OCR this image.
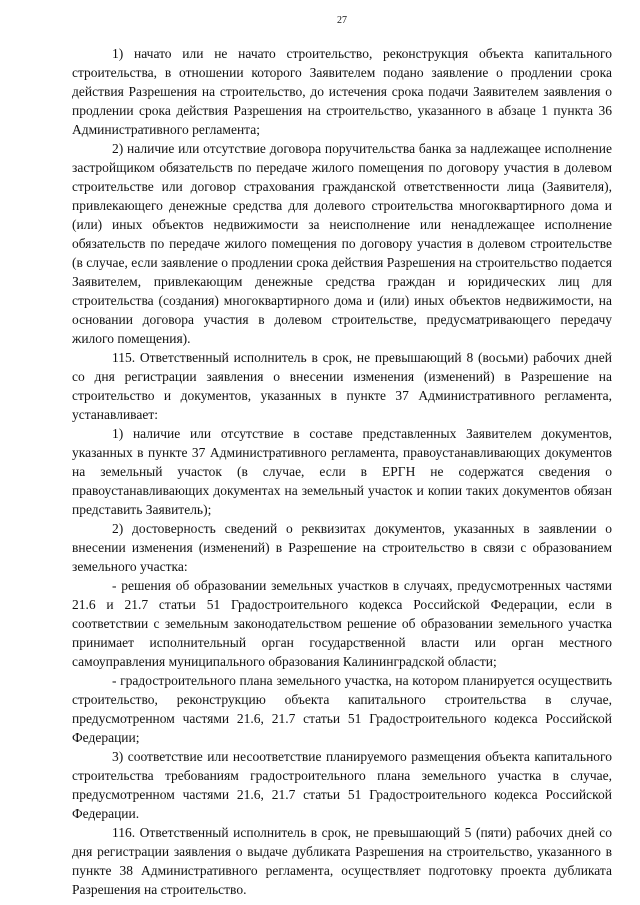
27

1) начато или не начато строительство, реконструкция объекта капитального строительства, в отношении которого Заявителем подано заявление о продлении срока действия Разрешения на строительство, до истечения срока подачи Заявителем заявления о продлении срока действия Разрешения на строительство, указанного в абзаце 1 пункта 36 Административного регламента;

2) наличие или отсутствие договора поручительства банка за надлежащее исполнение застройщиком обязательств по передаче жилого помещения по договору участия в долевом строительстве или договор страхования гражданской ответственности лица (Заявителя), привлекающего денежные средства для долевого строительства многоквартирного дома и (или) иных объектов недвижимости за неисполнение или ненадлежащее исполнение обязательств по передаче жилого помещения по договору участия в долевом строительстве (в случае, если заявление о продлении срока действия Разрешения на строительство подается Заявителем, привлекающим денежные средства граждан и юридических лиц для строительства (создания) многоквартирного дома и (или) иных объектов недвижимости, на основании договора участия в долевом строительстве, предусматривающего передачу жилого помещения).

115. Ответственный исполнитель в срок, не превышающий 8 (восьми) рабочих дней со дня регистрации заявления о внесении изменения (изменений) в Разрешение на строительство и документов, указанных в пункте 37 Административного регламента, устанавливает:

1) наличие или отсутствие в составе представленных Заявителем документов, указанных в пункте 37 Административного регламента, правоустанавливающих документов на земельный участок (в случае, если в ЕРГН не содержатся сведения о правоустанавливающих документах на земельный участок и копии таких документов обязан представить Заявитель);

2) достоверность сведений о реквизитах документов, указанных в заявлении о внесении изменения (изменений) в Разрешение на строительство в связи с образованием земельного участка:

- решения об образовании земельных участков в случаях, предусмотренных частями 21.6 и 21.7 статьи 51 Градостроительного кодекса Российской Федерации, если в соответствии с земельным законодательством решение об образовании земельного участка принимает исполнительный орган государственной власти или орган местного самоуправления муниципального образования Калининградской области;

- градостроительного плана земельного участка, на котором планируется осуществить строительство, реконструкцию объекта капитального строительства в случае, предусмотренном частями 21.6, 21.7 статьи 51 Градостроительного кодекса Российской Федерации;

3) соответствие или несоответствие планируемого размещения объекта капитального строительства требованиям градостроительного плана земельного участка в случае, предусмотренном частями 21.6, 21.7 статьи 51 Градостроительного кодекса Российской Федерации.

116. Ответственный исполнитель в срок, не превышающий 5 (пяти) рабочих дней со дня регистрации заявления о выдаче дубликата Разрешения на строительство, указанного в пункте 38 Административного регламента, осуществляет подготовку проекта дубликата Разрешения на строительство.
